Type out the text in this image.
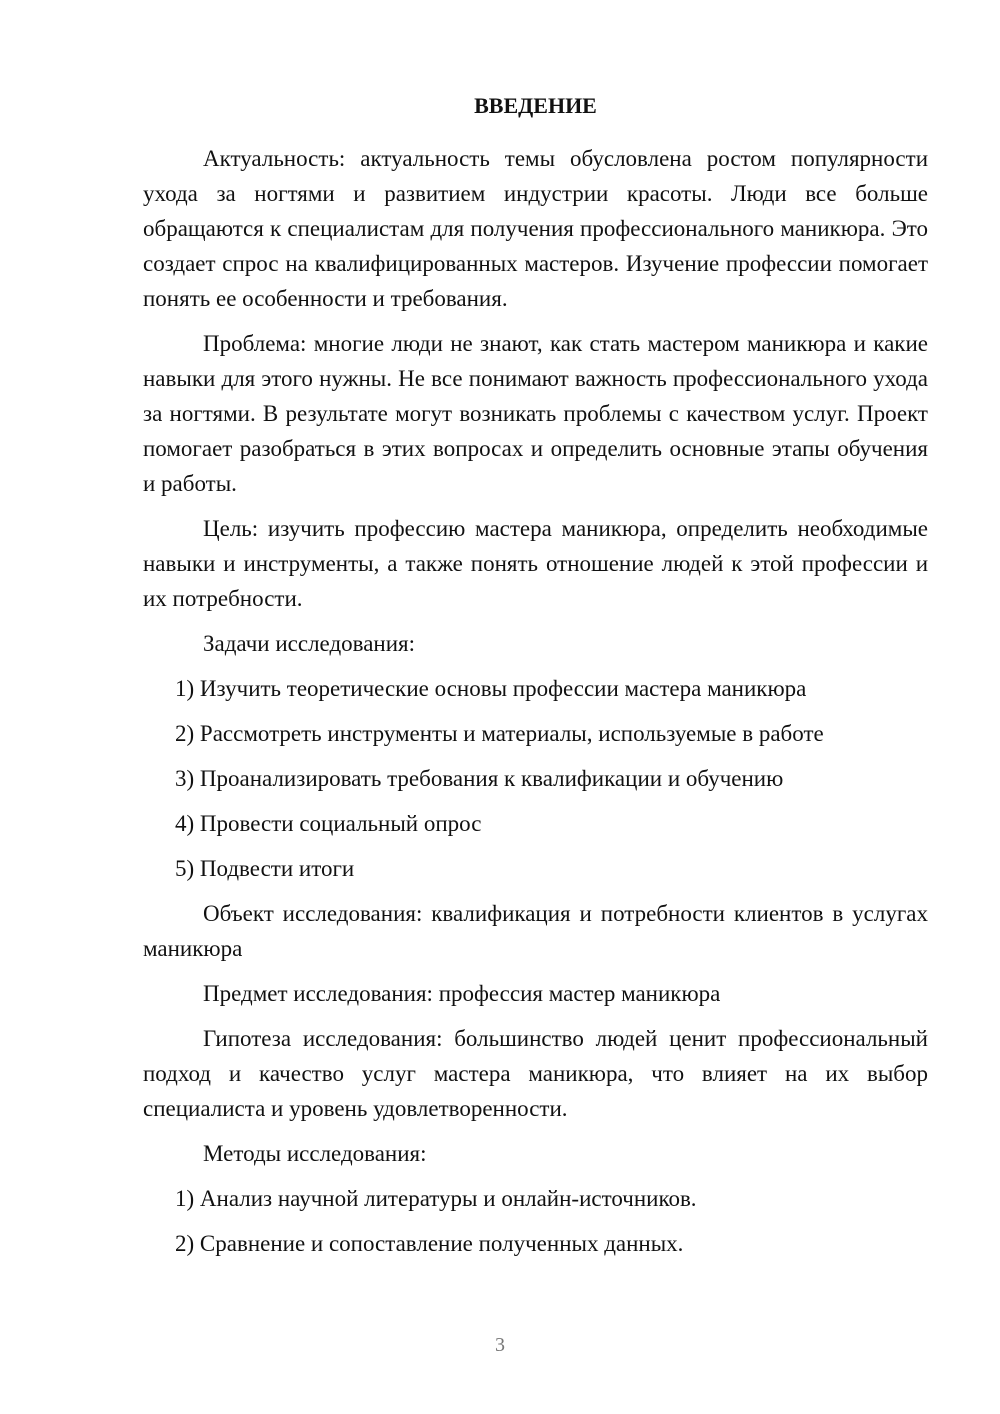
ВВЕДЕНИЕ

Актуальность: актуальность темы обусловлена ростом популярности ухода за ногтями и развитием индустрии красоты. Люди все больше обращаются к специалистам для получения профессионального маникюра. Это создает спрос на квалифицированных мастеров. Изучение профессии помогает понять ее особенности и требования.

Проблема: многие люди не знают, как стать мастером маникюра и какие навыки для этого нужны. Не все понимают важность профессионального ухода за ногтями. В результате могут возникать проблемы с качеством услуг. Проект помогает разобраться в этих вопросах и определить основные этапы обучения и работы.

Цель: изучить профессию мастера маникюра, определить необходимые навыки и инструменты, а также понять отношение людей к этой профессии и их потребности.

Задачи исследования:

1) Изучить теоретические основы профессии мастера маникюра
2) Рассмотреть инструменты и материалы, используемые в работе
3) Проанализировать требования к квалификации и обучению
4) Провести социальный опрос
5) Подвести итоги

Объект исследования: квалификация и потребности клиентов в услугах маникюра

Предмет исследования: профессия мастер маникюра

Гипотеза исследования: большинство людей ценит профессиональный подход и качество услуг мастера маникюра, что влияет на их выбор специалиста и уровень удовлетворенности.

Методы исследования:

1) Анализ научной литературы и онлайн-источников.
2) Сравнение и сопоставление полученных данных.
3
